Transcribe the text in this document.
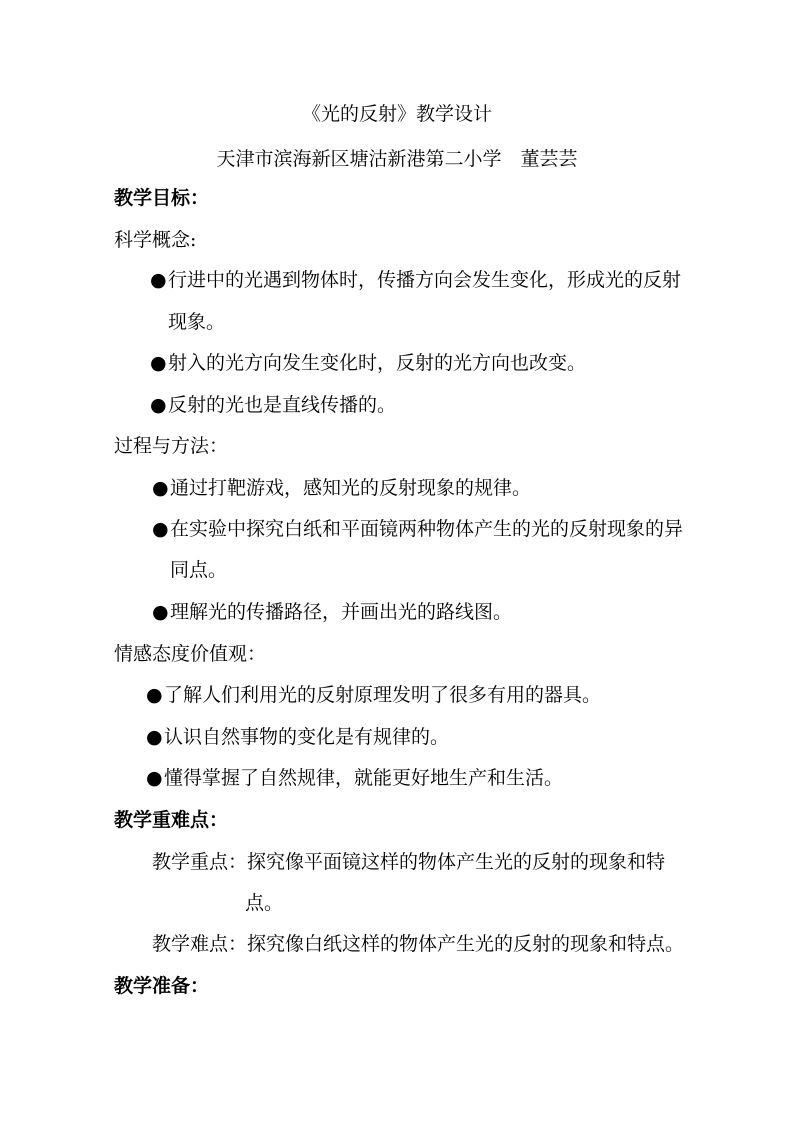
《光的反射》教学设计
天津市滨海新区塘沽新港第二小学　董芸芸
教学目标：
科学概念:
●行进中的光遇到物体时，传播方向会发生变化，形成光的反射
现象。
●射入的光方向发生变化时，反射的光方向也改变。
●反射的光也是直线传播的。
过程与方法：
●通过打靶游戏，感知光的反射现象的规律。
●在实验中探究白纸和平面镜两种物体产生的光的反射现象的异
同点。
●理解光的传播路径，并画出光的路线图。
情感态度价值观：
●了解人们利用光的反射原理发明了很多有用的器具。
●认识自然事物的变化是有规律的。
●懂得掌握了自然规律，就能更好地生产和生活。
教学重难点：
教学重点：探究像平面镜这样的物体产生光的反射的现象和特
点。
教学难点：探究像白纸这样的物体产生光的反射的现象和特点。
教学准备：
